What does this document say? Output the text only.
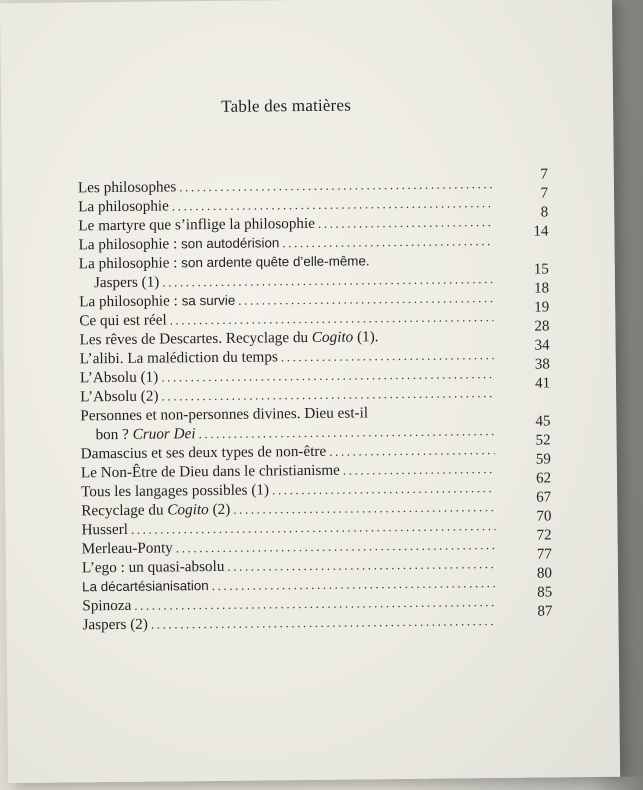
Table des matières
Les philosophes
.....
7
La philosophie
.....
7
Le martyre que s’inflige la philosophie
.....
8
La philosophie : son autodérision
.....
14
La philosophie : son ardente quête d’elle-même.
Jaspers (1)
.....
15
La philosophie : sa survie
.....
18
Ce qui est réel
.....
19
Les rêves de Descartes. Recyclage du Cogito (1).
28
L’alibi. La malédiction du temps
.....
34
L’Absolu (1)
.....
38
L’Absolu (2)
.....
41
Personnes et non-personnes divines. Dieu est-il
bon ? Cruor Dei
.....
45
Damascius et ses deux types de non-être
.....
52
Le Non-Être de Dieu dans le christianisme
.....
59
Tous les langages possibles (1)
.....
62
Recyclage du Cogito (2)
.....
67
Husserl
.....
70
Merleau-Ponty
.....
72
L’ego : un quasi-absolu
.....
77
La décartésianisation
.....
80
Spinoza
.....
85
Jaspers (2)
.....
87
